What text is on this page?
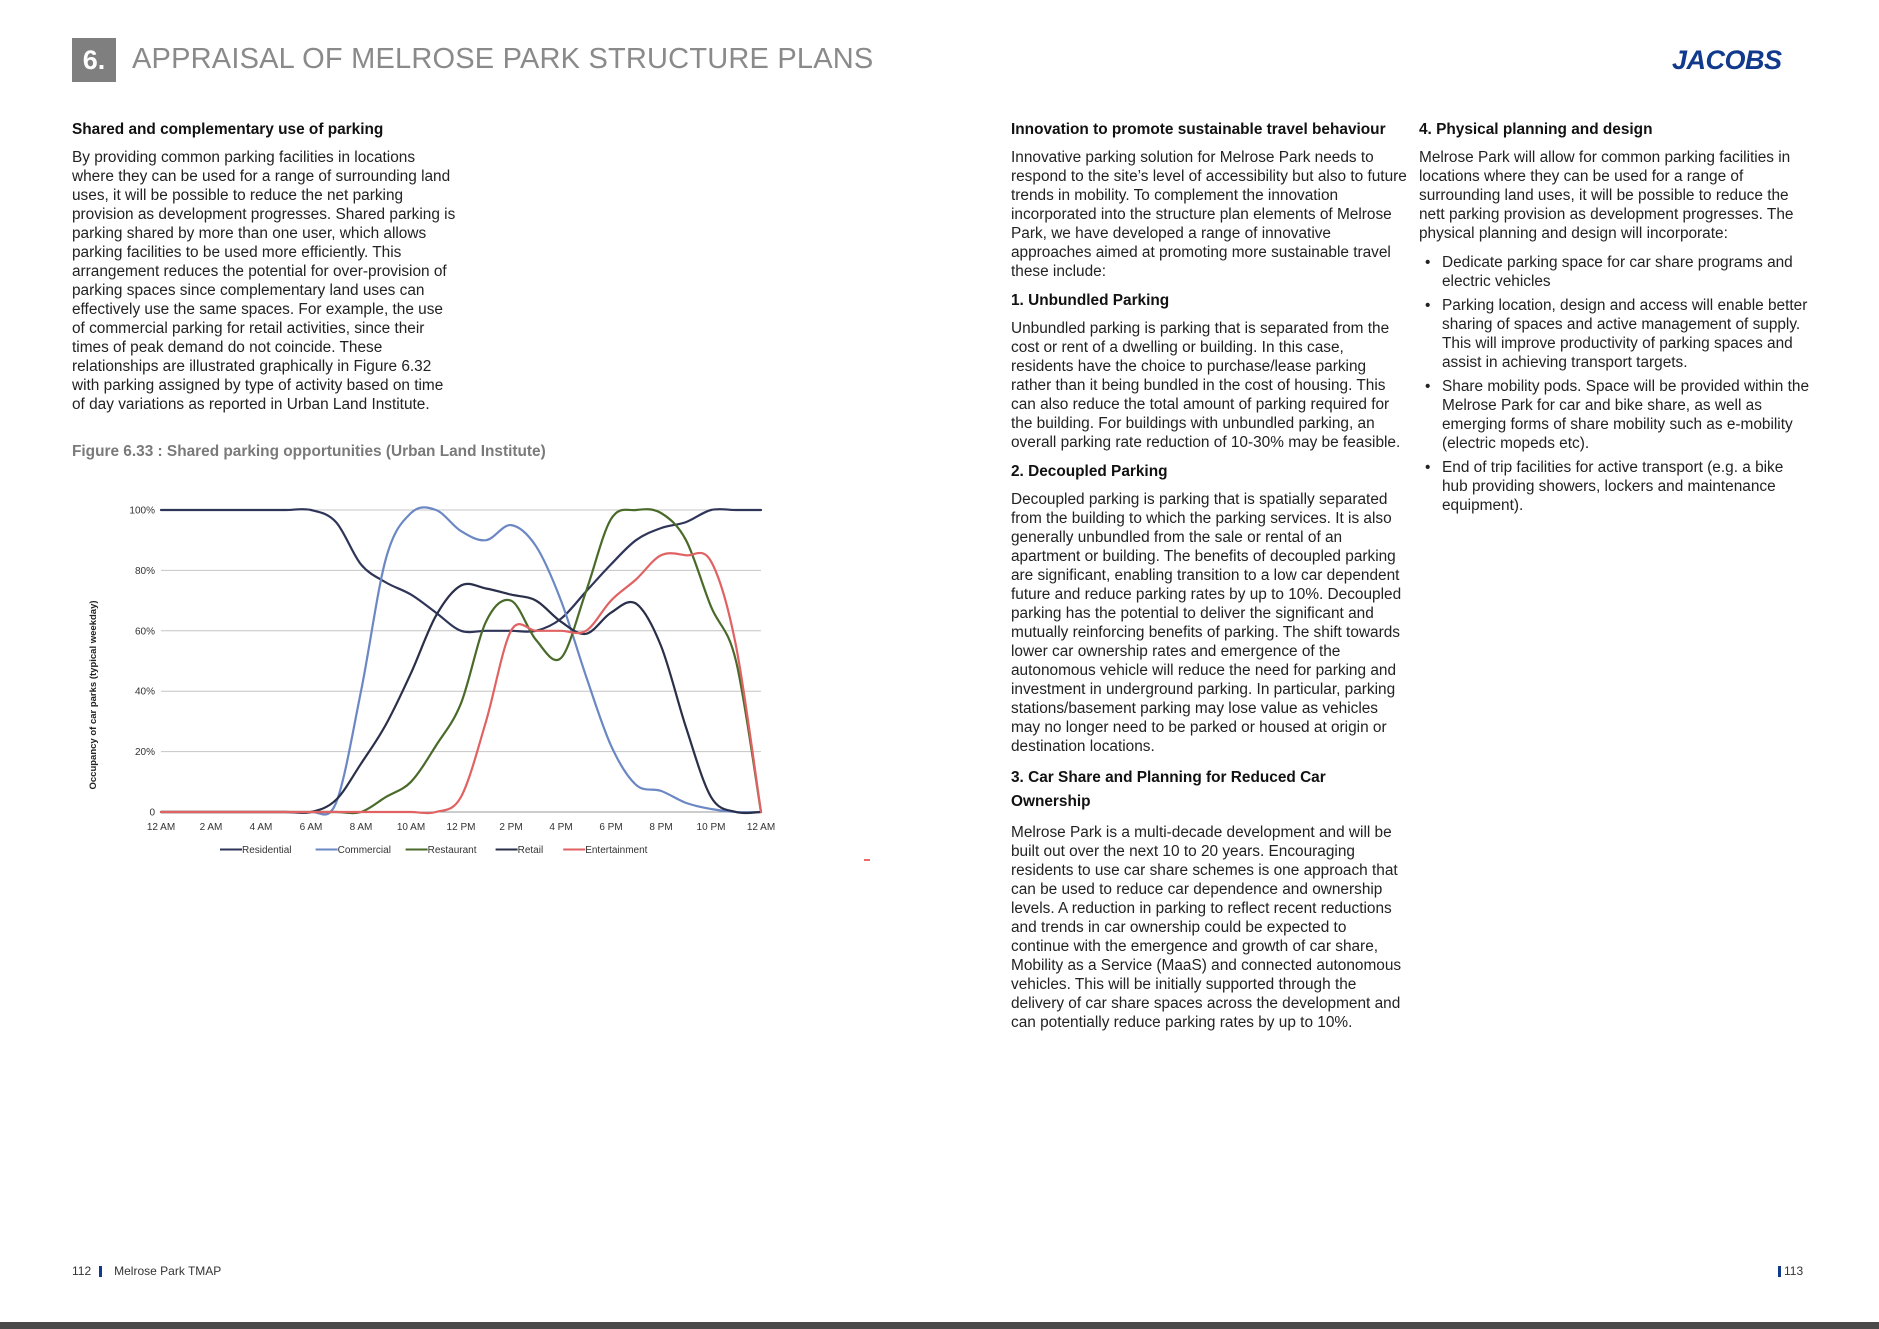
6. APPRAISAL OF MELROSE PARK STRUCTURE PLANS	JACOBS
Shared and complementary use of parking

By providing common parking facilities in locations where they can be used for a range of surrounding land uses, it will be possible to reduce the net parking provision as development progresses. Shared parking is parking shared by more than one user, which allows parking facilities to be used more efficiently. This arrangement reduces the potential for over-provision of parking spaces since complementary land uses can effectively use the same spaces. For example, the use of commercial parking for retail activities, since their times of peak demand do not coincide. These relationships are illustrated graphically in Figure 6.32 with parking assigned by type of activity based on time of day variations as reported in Urban Land Institute.

Figure 6.33 : Shared parking opportunities (Urban Land Institute)
100%
80%
60%
40%
20%
0
12 AM 2 AM	4 AM	6 AM	8 AM 10 AM 12 PM 2 PM	4 PM	6 PM	8 PM 10 PM 12 AM
Occupancy of car parks (typical weekday)
Residential	Commercial	Restaurant	Retail	Entertainment
Innovation to promote sustainable travel behaviour

Innovative parking solution for Melrose Park needs to respond to the site’s level of accessibility but also to future trends in mobility. To complement the innovation incorporated into the structure plan elements of Melrose Park, we have developed a range of innovative approaches aimed at promoting more sustainable travel these include:

1. Unbundled Parking

Unbundled parking is parking that is separated from the cost or rent of a dwelling or building. In this case, residents have the choice to purchase/lease parking rather than it being bundled in the cost of housing. This can also reduce the total amount of parking required for the building. For buildings with unbundled parking, an overall parking rate reduction of 10-30% may be feasible.

2. Decoupled Parking

Decoupled parking is parking that is spatially separated from the building to which the parking services. It is also generally unbundled from the sale or rental of an apartment or building. The benefits of decoupled parking are significant, enabling transition to a low car dependent future and reduce parking rates by up to 10%. Decoupled parking has the potential to deliver the significant and mutually reinforcing benefits of parking. The shift towards lower car ownership rates and emergence of the autonomous vehicle will reduce the need for parking and investment in underground parking. In particular, parking stations/basement parking may lose value as vehicles may no longer need to be parked or housed at origin or destination locations.

3. Car Share and Planning for Reduced Car Ownership

Melrose Park is a multi-decade development and will be built out over the next 10 to 20 years. Encouraging residents to use car share schemes is one approach that can be used to reduce car dependence and ownership levels. A reduction in parking to reflect recent reductions and trends in car ownership could be expected to continue with the emergence and growth of car share, Mobility as a Service (MaaS) and connected autonomous vehicles. This will be initially supported through the delivery of car share spaces across the development and can potentially reduce parking rates by up to 10%.

4. Physical planning and design

Melrose Park will allow for common parking facilities in locations where they can be used for a range of surrounding land uses, it will be possible to reduce the nett parking provision as development progresses. The physical planning and design will incorporate:

• Dedicate parking space for car share programs and electric vehicles
• Parking location, design and access will enable better sharing of spaces and active management of supply. This will improve productivity of parking spaces and assist in achieving transport targets.
• Share mobility pods. Space will be provided within the Melrose Park for car and bike share, as well as emerging forms of share mobility such as e-mobility (electric mopeds etc).
• End of trip facilities for active transport (e.g. a bike hub providing showers, lockers and maintenance equipment).
112 Melrose Park TMAP	113
